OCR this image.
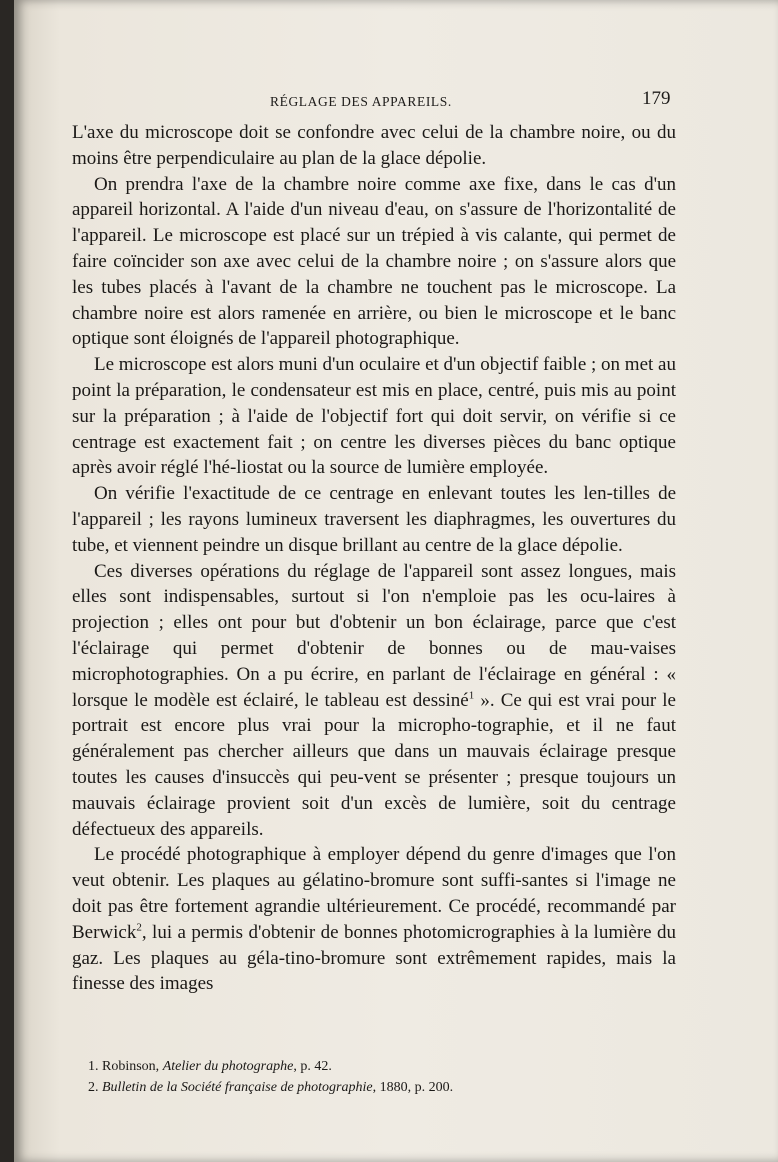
RÉGLAGE DES APPAREILS.	179

L'axe du microscope doit se confondre avec celui de la chambre noire, ou du moins être perpendiculaire au plan de la glace dépolie.

On prendra l'axe de la chambre noire comme axe fixe, dans le cas d'un appareil horizontal. A l'aide d'un niveau d'eau, on s'assure de l'horizontalité de l'appareil. Le microscope est placé sur un trépied à vis calante, qui permet de faire coïncider son axe avec celui de la chambre noire ; on s'assure alors que les tubes placés à l'avant de la chambre ne touchent pas le microscope. La chambre noire est alors ramenée en arrière, ou bien le microscope et le banc optique sont éloignés de l'appareil photographique.

Le microscope est alors muni d'un oculaire et d'un objectif faible ; on met au point la préparation, le condensateur est mis en place, centré, puis mis au point sur la préparation ; à l'aide de l'objectif fort qui doit servir, on vérifie si ce centrage est exactement fait ; on centre les diverses pièces du banc optique après avoir réglé l'hé-liostat ou la source de lumière employée.

On vérifie l'exactitude de ce centrage en enlevant toutes les len-tilles de l'appareil ; les rayons lumineux traversent les diaphragmes, les ouvertures du tube, et viennent peindre un disque brillant au centre de la glace dépolie.

Ces diverses opérations du réglage de l'appareil sont assez longues, mais elles sont indispensables, surtout si l'on n'emploie pas les ocu-laires à projection ; elles ont pour but d'obtenir un bon éclairage, parce que c'est l'éclairage qui permet d'obtenir de bonnes ou de mau-vaises microphotographies. On a pu écrire, en parlant de l'éclairage en général : « lorsque le modèle est éclairé, le tableau est dessiné$^1$ ». Ce qui est vrai pour le portrait est encore plus vrai pour la micropho-tographie, et il ne faut généralement pas chercher ailleurs que dans un mauvais éclairage presque toutes les causes d'insuccès qui peu-vent se présenter ; presque toujours un mauvais éclairage provient soit d'un excès de lumière, soit du centrage défectueux des appareils.

Le procédé photographique à employer dépend du genre d'images que l'on veut obtenir. Les plaques au gélatino-bromure sont suffi-santes si l'image ne doit pas être fortement agrandie ultérieurement. Ce procédé, recommandé par Berwick$^2$, lui a permis d'obtenir de bonnes photomicrographies à la lumière du gaz. Les plaques au géla-tino-bromure sont extrêmement rapides, mais la finesse des images

1. Robinson, Atelier du photographe, p. 42.

2. Bulletin de la Société française de photographie, 1880, p. 200.
